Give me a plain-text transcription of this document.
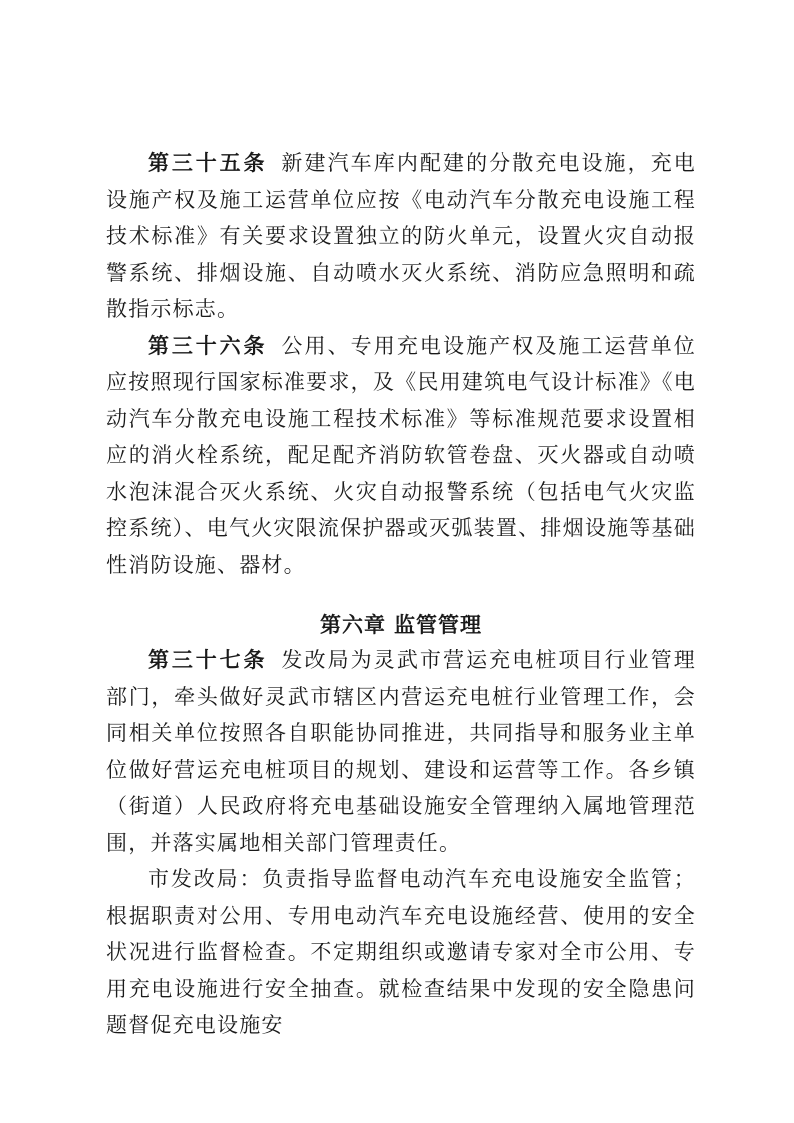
第三十五条 新建汽车库内配建的分散充电设施，充电设施产权及施工运营单位应按《电动汽车分散充电设施工程技术标准》有关要求设置独立的防火单元，设置火灾自动报警系统、排烟设施、自动喷水灭火系统、消防应急照明和疏散指示标志。

第三十六条 公用、专用充电设施产权及施工运营单位应按照现行国家标准要求，及《民用建筑电气设计标准》《电动汽车分散充电设施工程技术标准》等标准规范要求设置相应的消火栓系统，配足配齐消防软管卷盘、灭火器或自动喷水泡沫混合灭火系统、火灾自动报警系统（包括电气火灾监控系统）、电气火灾限流保护器或灭弧装置、排烟设施等基础性消防设施、器材。

第六章 监管管理

第三十七条 发改局为灵武市营运充电桩项目行业管理部门，牵头做好灵武市辖区内营运充电桩行业管理工作，会同相关单位按照各自职能协同推进，共同指导和服务业主单位做好营运充电桩项目的规划、建设和运营等工作。各乡镇（街道）人民政府将充电基础设施安全管理纳入属地管理范围，并落实属地相关部门管理责任。

市发改局：负责指导监督电动汽车充电设施安全监管；根据职责对公用、专用电动汽车充电设施经营、使用的安全状况进行监督检查。不定期组织或邀请专家对全市公用、专用充电设施进行安全抽查。就检查结果中发现的安全隐患问题督促充电设施安
